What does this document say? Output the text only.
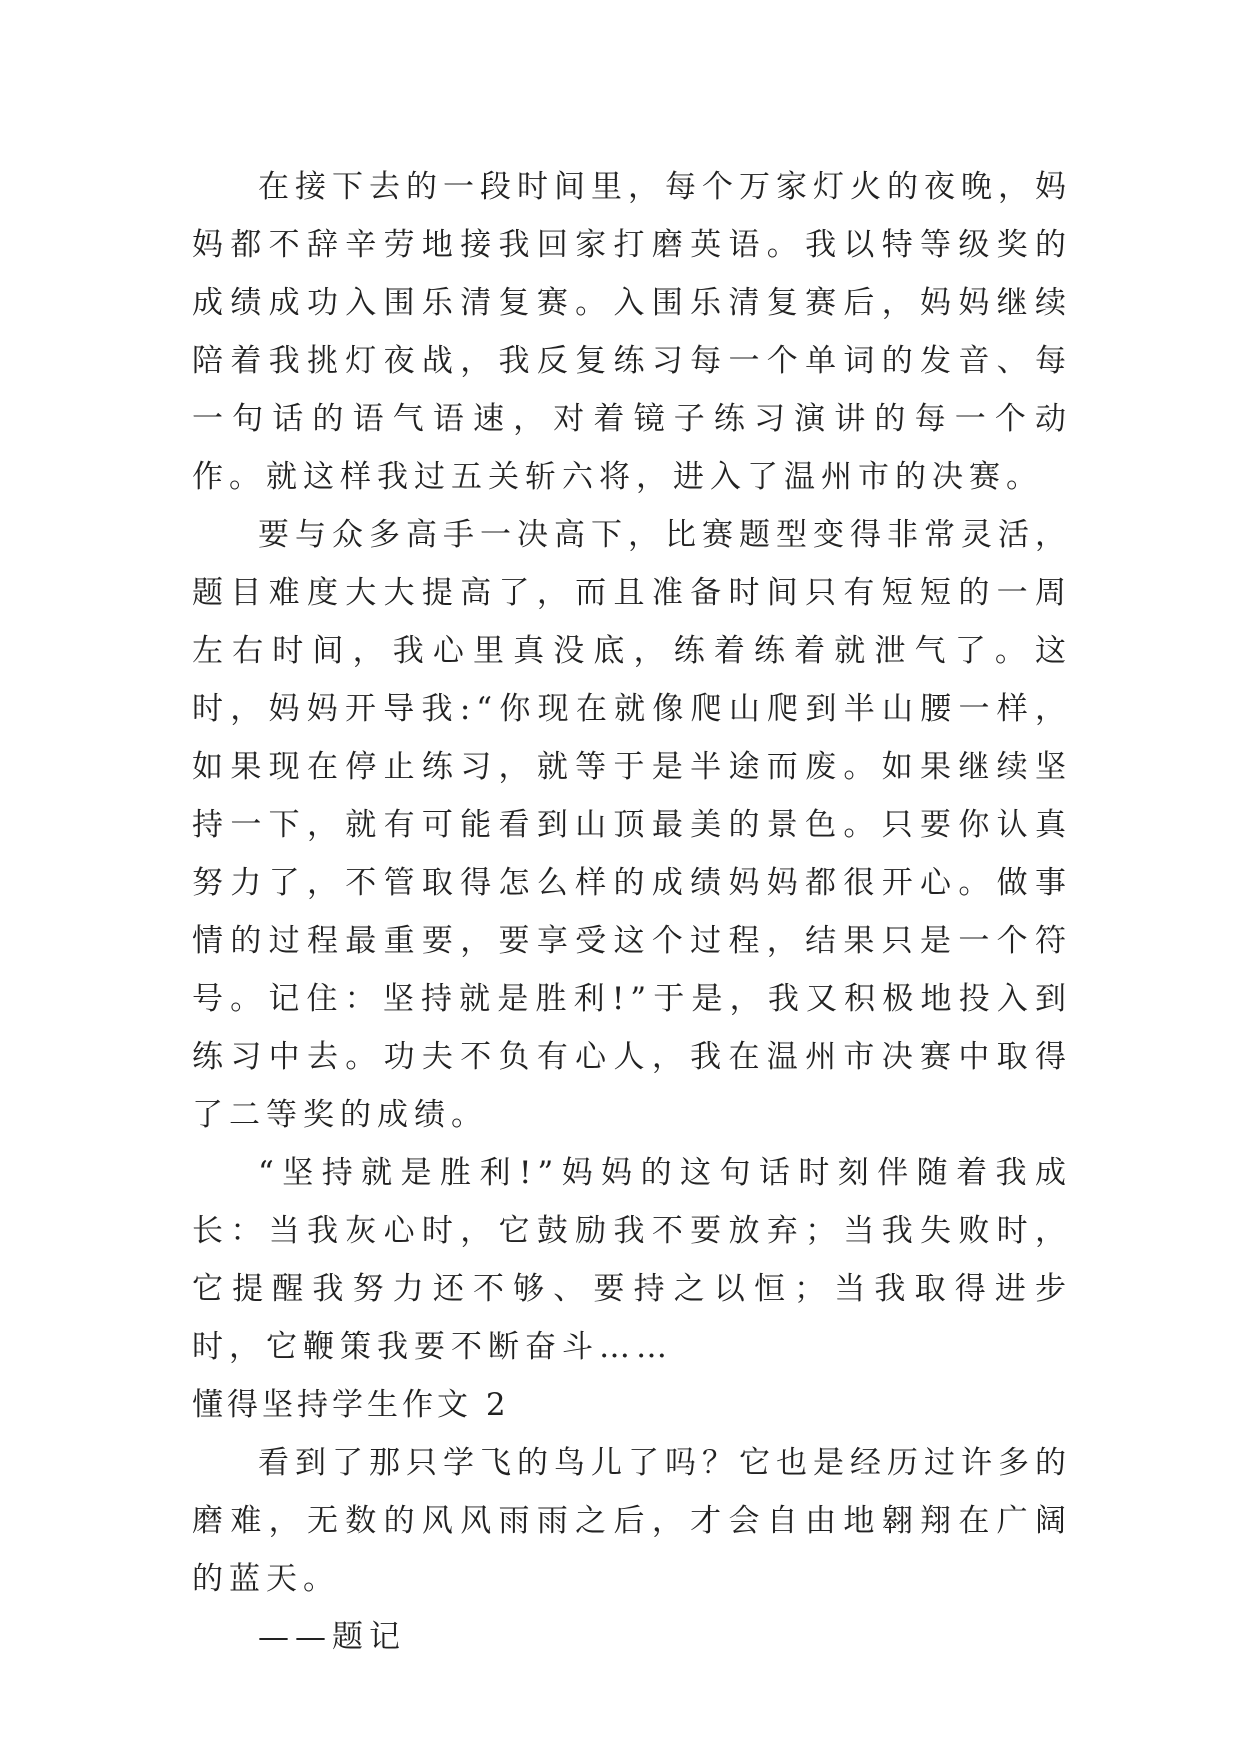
在接下去的一段时间里，每个万家灯火的夜晚，妈妈都不辞辛劳地接我回家打磨英语。我以特等级奖的成绩成功入围乐清复赛。入围乐清复赛后，妈妈继续陪着我挑灯夜战，我反复练习每一个单词的发音、每一句话的语气语速，对着镜子练习演讲的每一个动作。就这样我过五关斩六将，进入了温州市的决赛。

要与众多高手一决高下，比赛题型变得非常灵活，题目难度大大提高了，而且准备时间只有短短的一周左右时间，我心里真没底，练着练着就泄气了。这时，妈妈开导我:“你现在就像爬山爬到半山腰一样，如果现在停止练习，就等于是半途而废。如果继续坚持一下，就有可能看到山顶最美的景色。只要你认真努力了，不管取得怎么样的成绩妈妈都很开心。做事情的过程最重要，要享受这个过程，结果只是一个符号。记住：坚持就是胜利!”于是，我又积极地投入到练习中去。功夫不负有心人，我在温州市决赛中取得了二等奖的成绩。

“坚持就是胜利!”妈妈的这句话时刻伴随着我成长：当我灰心时，它鼓励我不要放弃；当我失败时，它提醒我努力还不够、要持之以恒；当我取得进步时，它鞭策我要不断奋斗……

懂得坚持学生作文 2

看到了那只学飞的鸟儿了吗？它也是经历过许多的磨难，无数的风风雨雨之后，才会自由地翱翔在广阔的蓝天。

——题记
